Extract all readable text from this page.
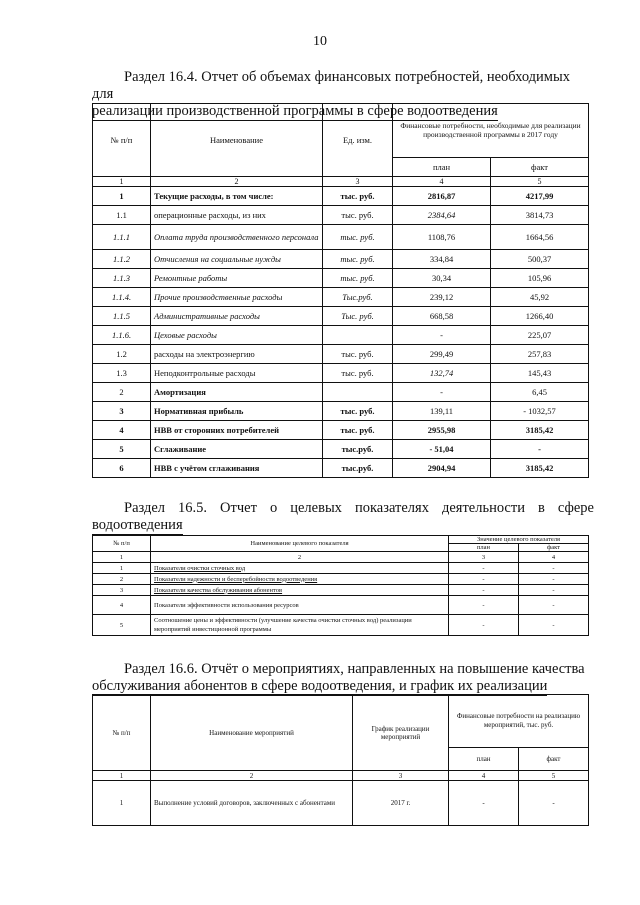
10
Раздел 16.4. Отчет об объемах финансовых потребностей, необходимых для
реализации производственной программы в сфере водоотведения
№ п/п	Наименование	Ед. изм.	Финансовые потребности, необходимые для реализации производственной программы в 2017 году	
			план	факт
1	2	3	4	5
1	Текущие расходы, в том числе:	тыс. руб.	2816,87	4217,99
1.1	операционные расходы, из них	тыс. руб.	2384,64	3814,73
1.1.1	Оплата труда производственного персонала	тыс. руб.	1108,76	1664,56
1.1.2	Отчисления на социальные нужды	тыс. руб.	334,84	500,37
1.1.3	Ремонтные работы	тыс. руб.	30,34	105,96
1.1.4.	Прочие производственные расходы	Тыс.руб.	239,12	45,92
1.1.5	Административные расходы	Тыс. руб.	668,58	1266,40
1.1.6.	Цеховые расходы		-	225,07
1.2	расходы на электроэнергию	тыс. руб.	299,49	257,83
1.3	Неподконтрольные расходы	тыс. руб.	132,74	145,43
2	Амортизация		-	6,45
3	Нормативная прибыль	тыс. руб.	139,11	- 1032,57
4	НВВ от сторонних потребителей	тыс. руб.	2955,98	3185,42
5	Сглаживание	тыс.руб.	- 51,04	-
6	НВВ с учётом сглаживания	тыс.руб.	2904,94	3185,42
Раздел 16.5. Отчет о целевых показателях деятельности в сфере
водоотведения
№ п/п	Наименование целевого показателя	Значение целевого показателя	
		план	факт
1	2	3	4
1	Показатели очистки сточных вод	-	-
2	Показатели надежности и бесперебойности водоотведения	-	-
3	Показатели качества обслуживания абонентов	-	-
4	Показатели эффективности использования ресурсов	-	-
5	Соотношение цены и эффективности (улучшение качества очистки сточных вод) реализации мероприятий инвестиционной программы	-	-
Раздел 16.6. Отчёт о мероприятиях, направленных на повышение качества
обслуживания абонентов в сфере водоотведения, и график их реализации
№ п/п	Наименование мероприятий	График реализации мероприятий	Финансовые потребности на реализацию мероприятий, тыс. руб.	
			план	факт
1	2	3	4	5
1	Выполнение условий договоров, заключенных с абонентами	2017 г.	-	-
